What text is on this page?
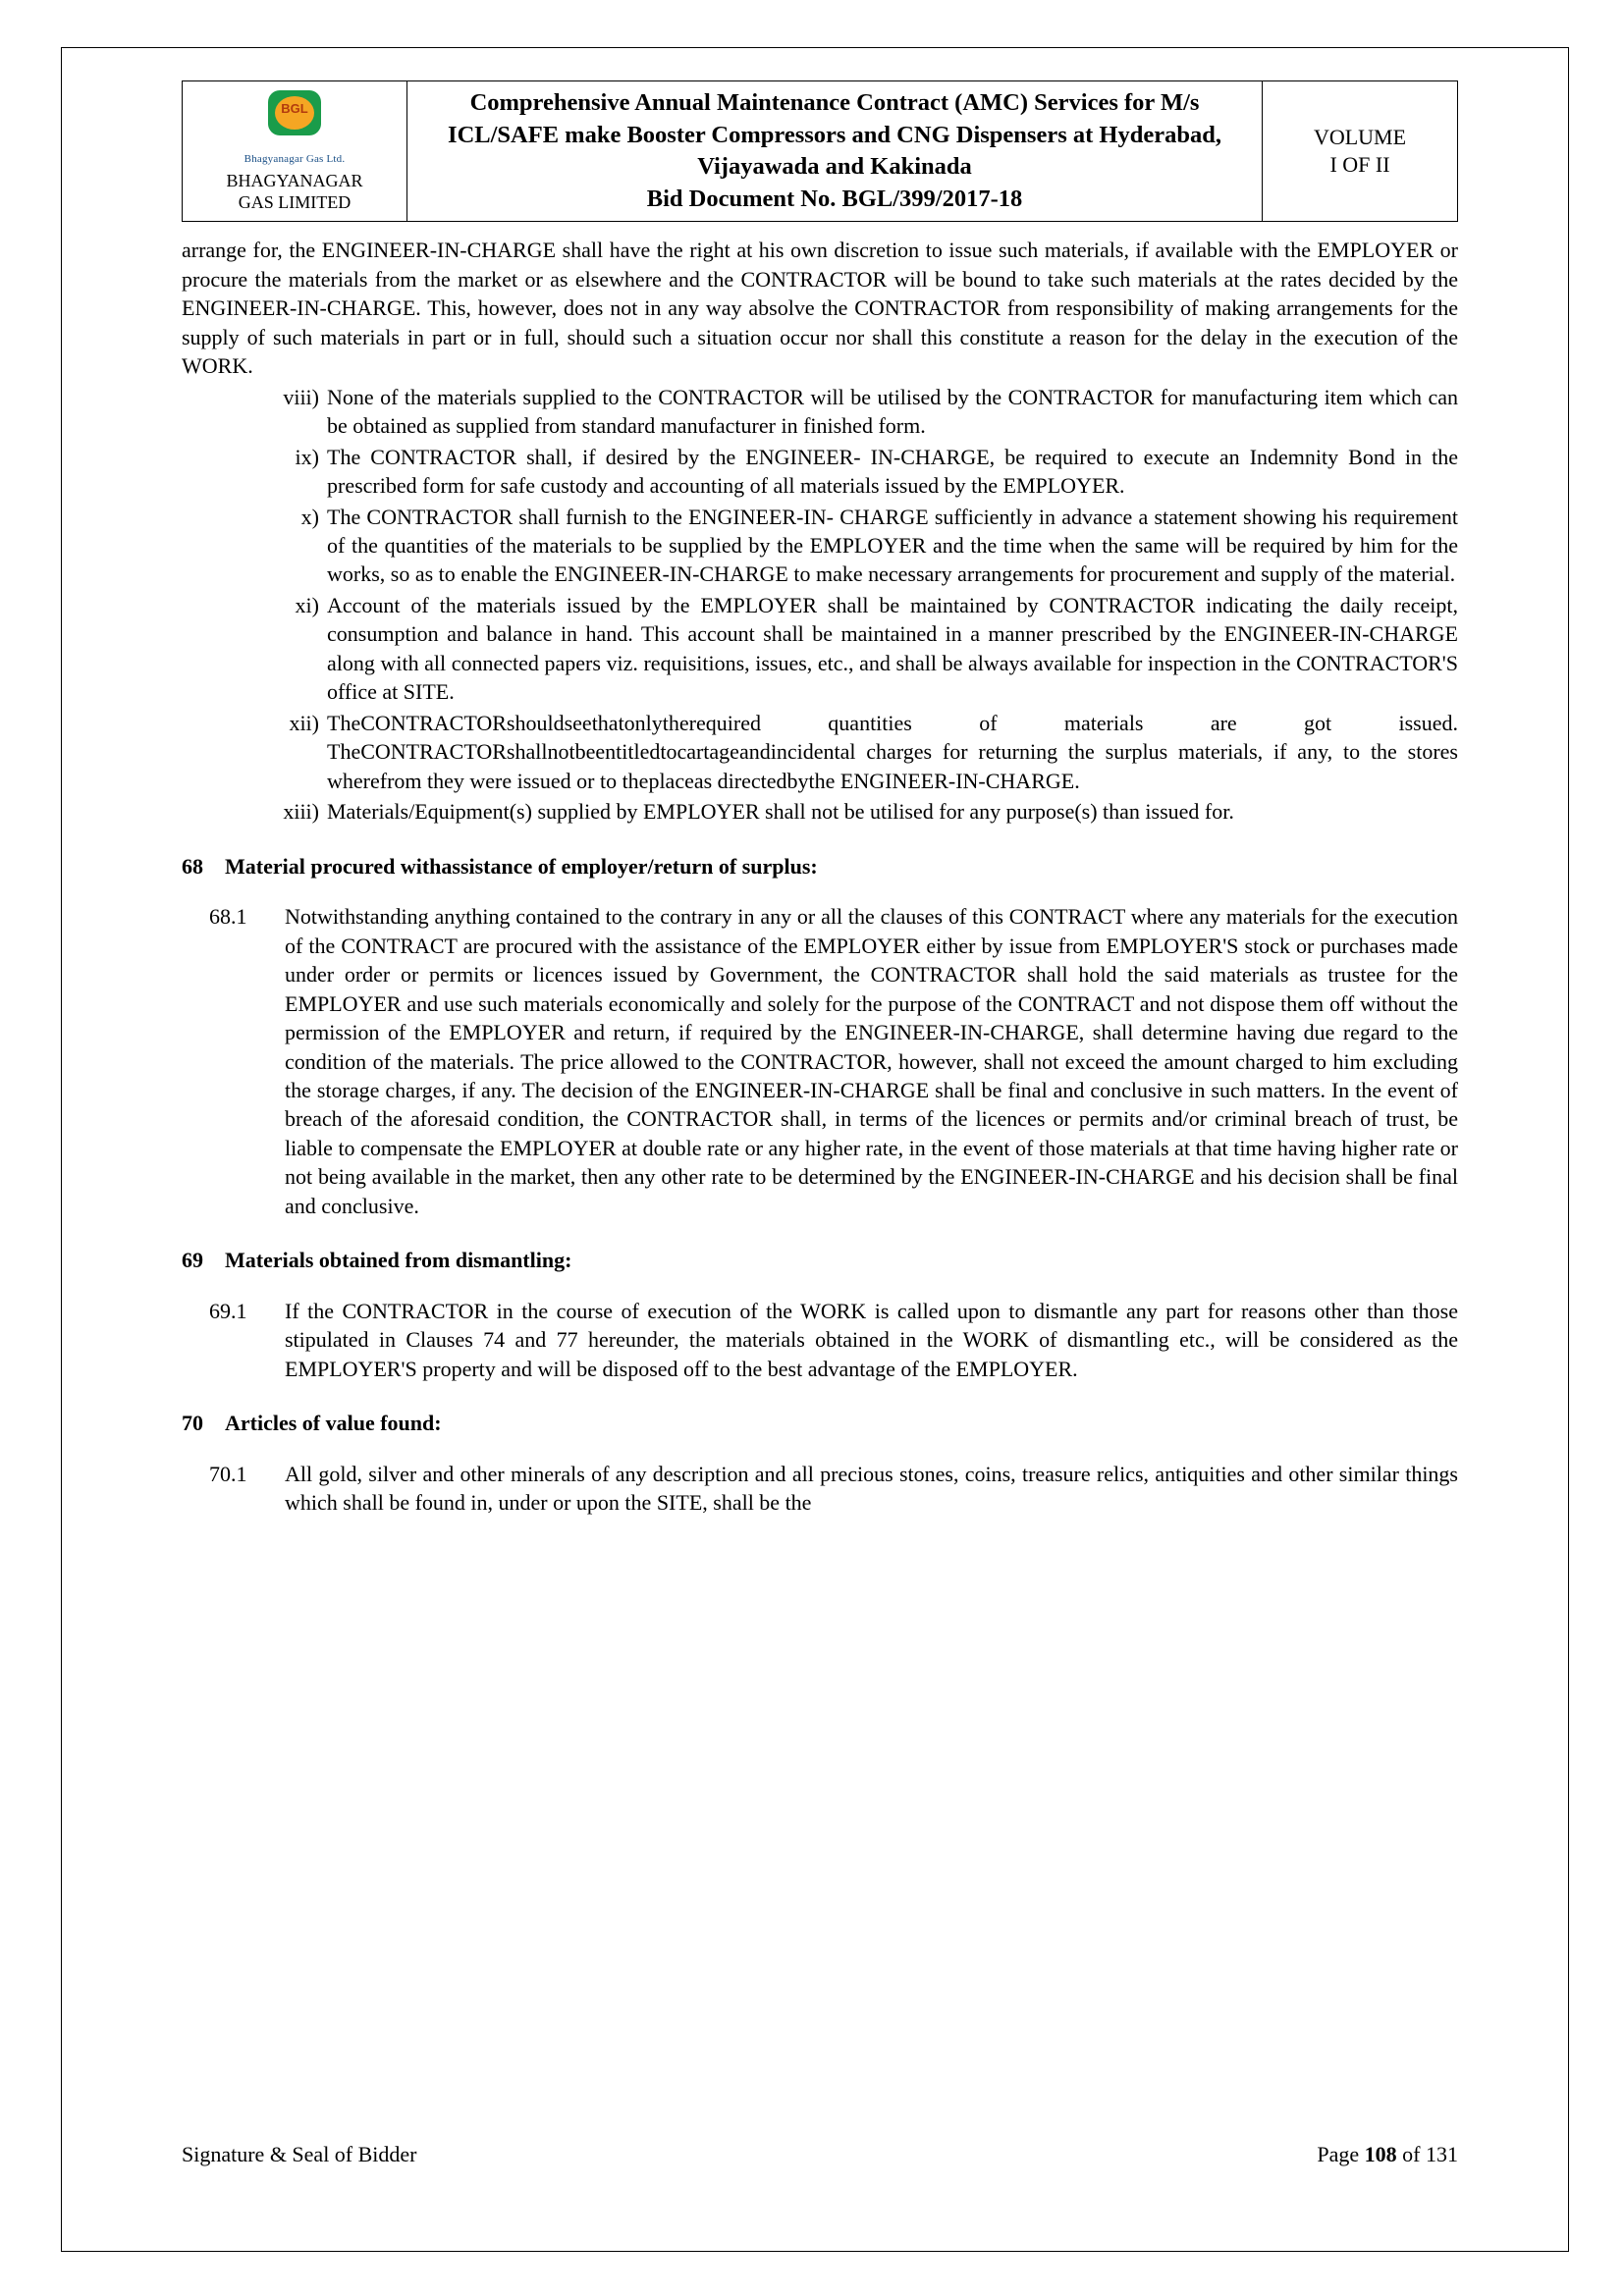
BGL
Bhagyanagar Gas Ltd.
BHAGYANAGAR
GAS LIMITED

Comprehensive Annual Maintenance Contract (AMC) Services for M/s ICL/SAFE make Booster Compressors and CNG Dispensers at Hyderabad, Vijayawada and Kakinada
Bid Document No. BGL/399/2017-18

VOLUME
I OF II

arrange for, the ENGINEER-IN-CHARGE shall have the right at his own discretion to issue such materials, if available with the EMPLOYER or procure the materials from the market or as elsewhere and the CONTRACTOR will be bound to take such materials at the rates decided by the ENGINEER-IN-CHARGE. This, however, does not in any way absolve the CONTRACTOR from responsibility of making arrangements for the supply of such materials in part or in full, should such a situation occur nor shall this constitute a reason for the delay in the execution of the WORK.

viii) None of the materials supplied to the CONTRACTOR will be utilised by the CONTRACTOR for manufacturing item which can be obtained as supplied from standard manufacturer in finished form.
ix) The CONTRACTOR shall, if desired by the ENGINEER- IN-CHARGE, be required to execute an Indemnity Bond in the prescribed form for safe custody and accounting of all materials issued by the EMPLOYER.
x) The CONTRACTOR shall furnish to the ENGINEER-IN- CHARGE sufficiently in advance a statement showing his requirement of the quantities of the materials to be supplied by the EMPLOYER and the time when the same will be required by him for the works, so as to enable the ENGINEER-IN-CHARGE to make necessary arrangements for procurement and supply of the material.
xi) Account of the materials issued by the EMPLOYER shall be maintained by CONTRACTOR indicating the daily receipt, consumption and balance in hand. This account shall be maintained in a manner prescribed by the ENGINEER-IN-CHARGE along with all connected papers viz. requisitions, issues, etc., and shall be always available for inspection in the CONTRACTOR'S office at SITE.
xii) TheCONTRACTORshouldseethatonlytherequired quantities of materials are got issued. TheCONTRACTORshallnotbeentitledtocartageandincidental charges for returning the surplus materials, if any, to the stores wherefrom they were issued or to theplaceas directedbythe ENGINEER-IN-CHARGE.
xiii) Materials/Equipment(s) supplied by EMPLOYER shall not be utilised for any purpose(s) than issued for.
68	Material procured withassistance of employer/return of surplus:
68.1	Notwithstanding anything contained to the contrary in any or all the clauses of this CONTRACT where any materials for the execution of the CONTRACT are procured with the assistance of the EMPLOYER either by issue from EMPLOYER'S stock or purchases made under order or permits or licences issued by Government, the CONTRACTOR shall hold the said materials as trustee for the EMPLOYER and use such materials economically and solely for the purpose of the CONTRACT and not dispose them off without the permission of the EMPLOYER and return, if required by the ENGINEER-IN-CHARGE, shall determine having due regard to the condition of the materials. The price allowed to the CONTRACTOR, however, shall not exceed the amount charged to him excluding the storage charges, if any. The decision of the ENGINEER-IN-CHARGE shall be final and conclusive in such matters. In the event of breach of the aforesaid condition, the CONTRACTOR shall, in terms of the licences or permits and/or criminal breach of trust, be liable to compensate the EMPLOYER at double rate or any higher rate, in the event of those materials at that time having higher rate or not being available in the market, then any other rate to be determined by the ENGINEER-IN-CHARGE and his decision shall be final and conclusive.
69	Materials obtained from dismantling:
69.1	If the CONTRACTOR in the course of execution of the WORK is called upon to dismantle any part for reasons other than those stipulated in Clauses 74 and 77 hereunder, the materials obtained in the WORK of dismantling etc., will be considered as the EMPLOYER'S property and will be disposed off to the best advantage of the EMPLOYER.
70	Articles of value found:
70.1	All gold, silver and other minerals of any description and all precious stones, coins, treasure relics, antiquities and other similar things which shall be found in, under or upon the SITE, shall be the
Signature & Seal of Bidder	Page 108 of 131
